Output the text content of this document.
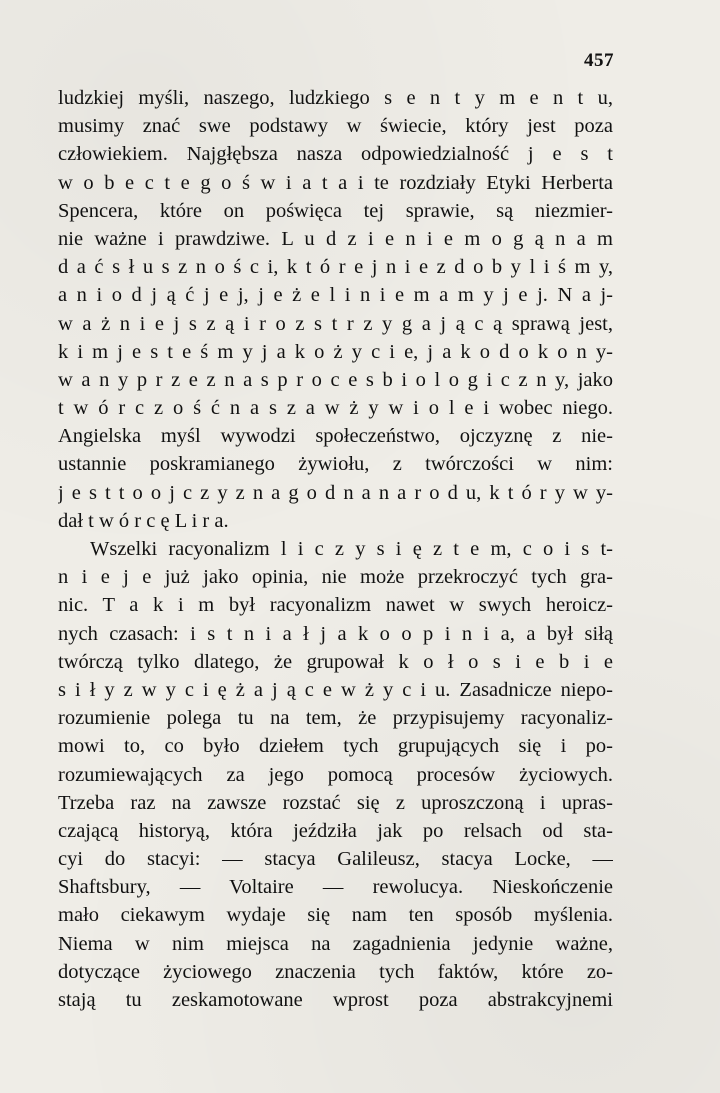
457
ludzkiej myśli, naszego, ludzkiego s e n t y m e n t u,
musimy znać swe podstawy w świecie, który jest poza
człowiekiem. Najgłębsza nasza odpowiedzialność j e s t
w o b e c t e g o ś w i a t a i te rozdziały Etyki Herberta
Spencera, które on poświęca tej sprawie, są niezmier-
nie ważne i prawdziwe. L u d z i e n i e m o g ą n a m
d a ć s ł u s z n o ś c i, k t ó r e j n i e z d o b y l i ś m y,
a n i o d j ą ć j e j, j e ż e l i n i e m a m y j e j. N a j-
w a ż n i e j s z ą i r o z s t r z y g a j ą c ą sprawą jest,
k i m j e s t e ś m y j a k o ż y c i e, j a k o d o k o n y-
w a n y p r z e z n a s p r o c e s b i o l o g i c z n y, jako
t w ó r c z o ś ć n a s z a w ż y w i o l e i wobec niego.
Angielska myśl wywodzi społeczeństwo, ojczyznę z nie-
ustannie poskramianego żywiołu, z twórczości w nim:
j e s t t o o j c z y z n a g o d n a n a r o d u, k t ó r y w y-
dał t w ó r c ę L i r a.
Wszelki racyonalizm l i c z y s i ę z t e m, c o i s t-
n i e j e już jako opinia, nie może przekroczyć tych gra-
nic. T a k i m był racyonalizm nawet w swych heroicz-
nych czasach: i s t n i a ł j a k o o p i n i a, a był siłą
twórczą tylko dlatego, że grupował k o ł o s i e b i e
s i ł y z w y c i ę ż a j ą c e w ż y c i u. Zasadnicze niepo-
rozumienie polega tu na tem, że przypisujemy racyonaliz-
mowi to, co było dziełem tych grupujących się i po-
rozumiewających za jego pomocą procesów życiowych.
Trzeba raz na zawsze rozstać się z uproszczoną i upras-
czającą historyą, która jeździła jak po relsach od sta-
cyi do stacyi: — stacya Galileusz, stacya Locke, —
Shaftsbury, — Voltaire — rewolucya. Nieskończenie
mało ciekawym wydaje się nam ten sposób myślenia.
Niema w nim miejsca na zagadnienia jedynie ważne,
dotyczące życiowego znaczenia tych faktów, które zo-
stają tu zeskamotowane wprost poza abstrakcyjnemi
